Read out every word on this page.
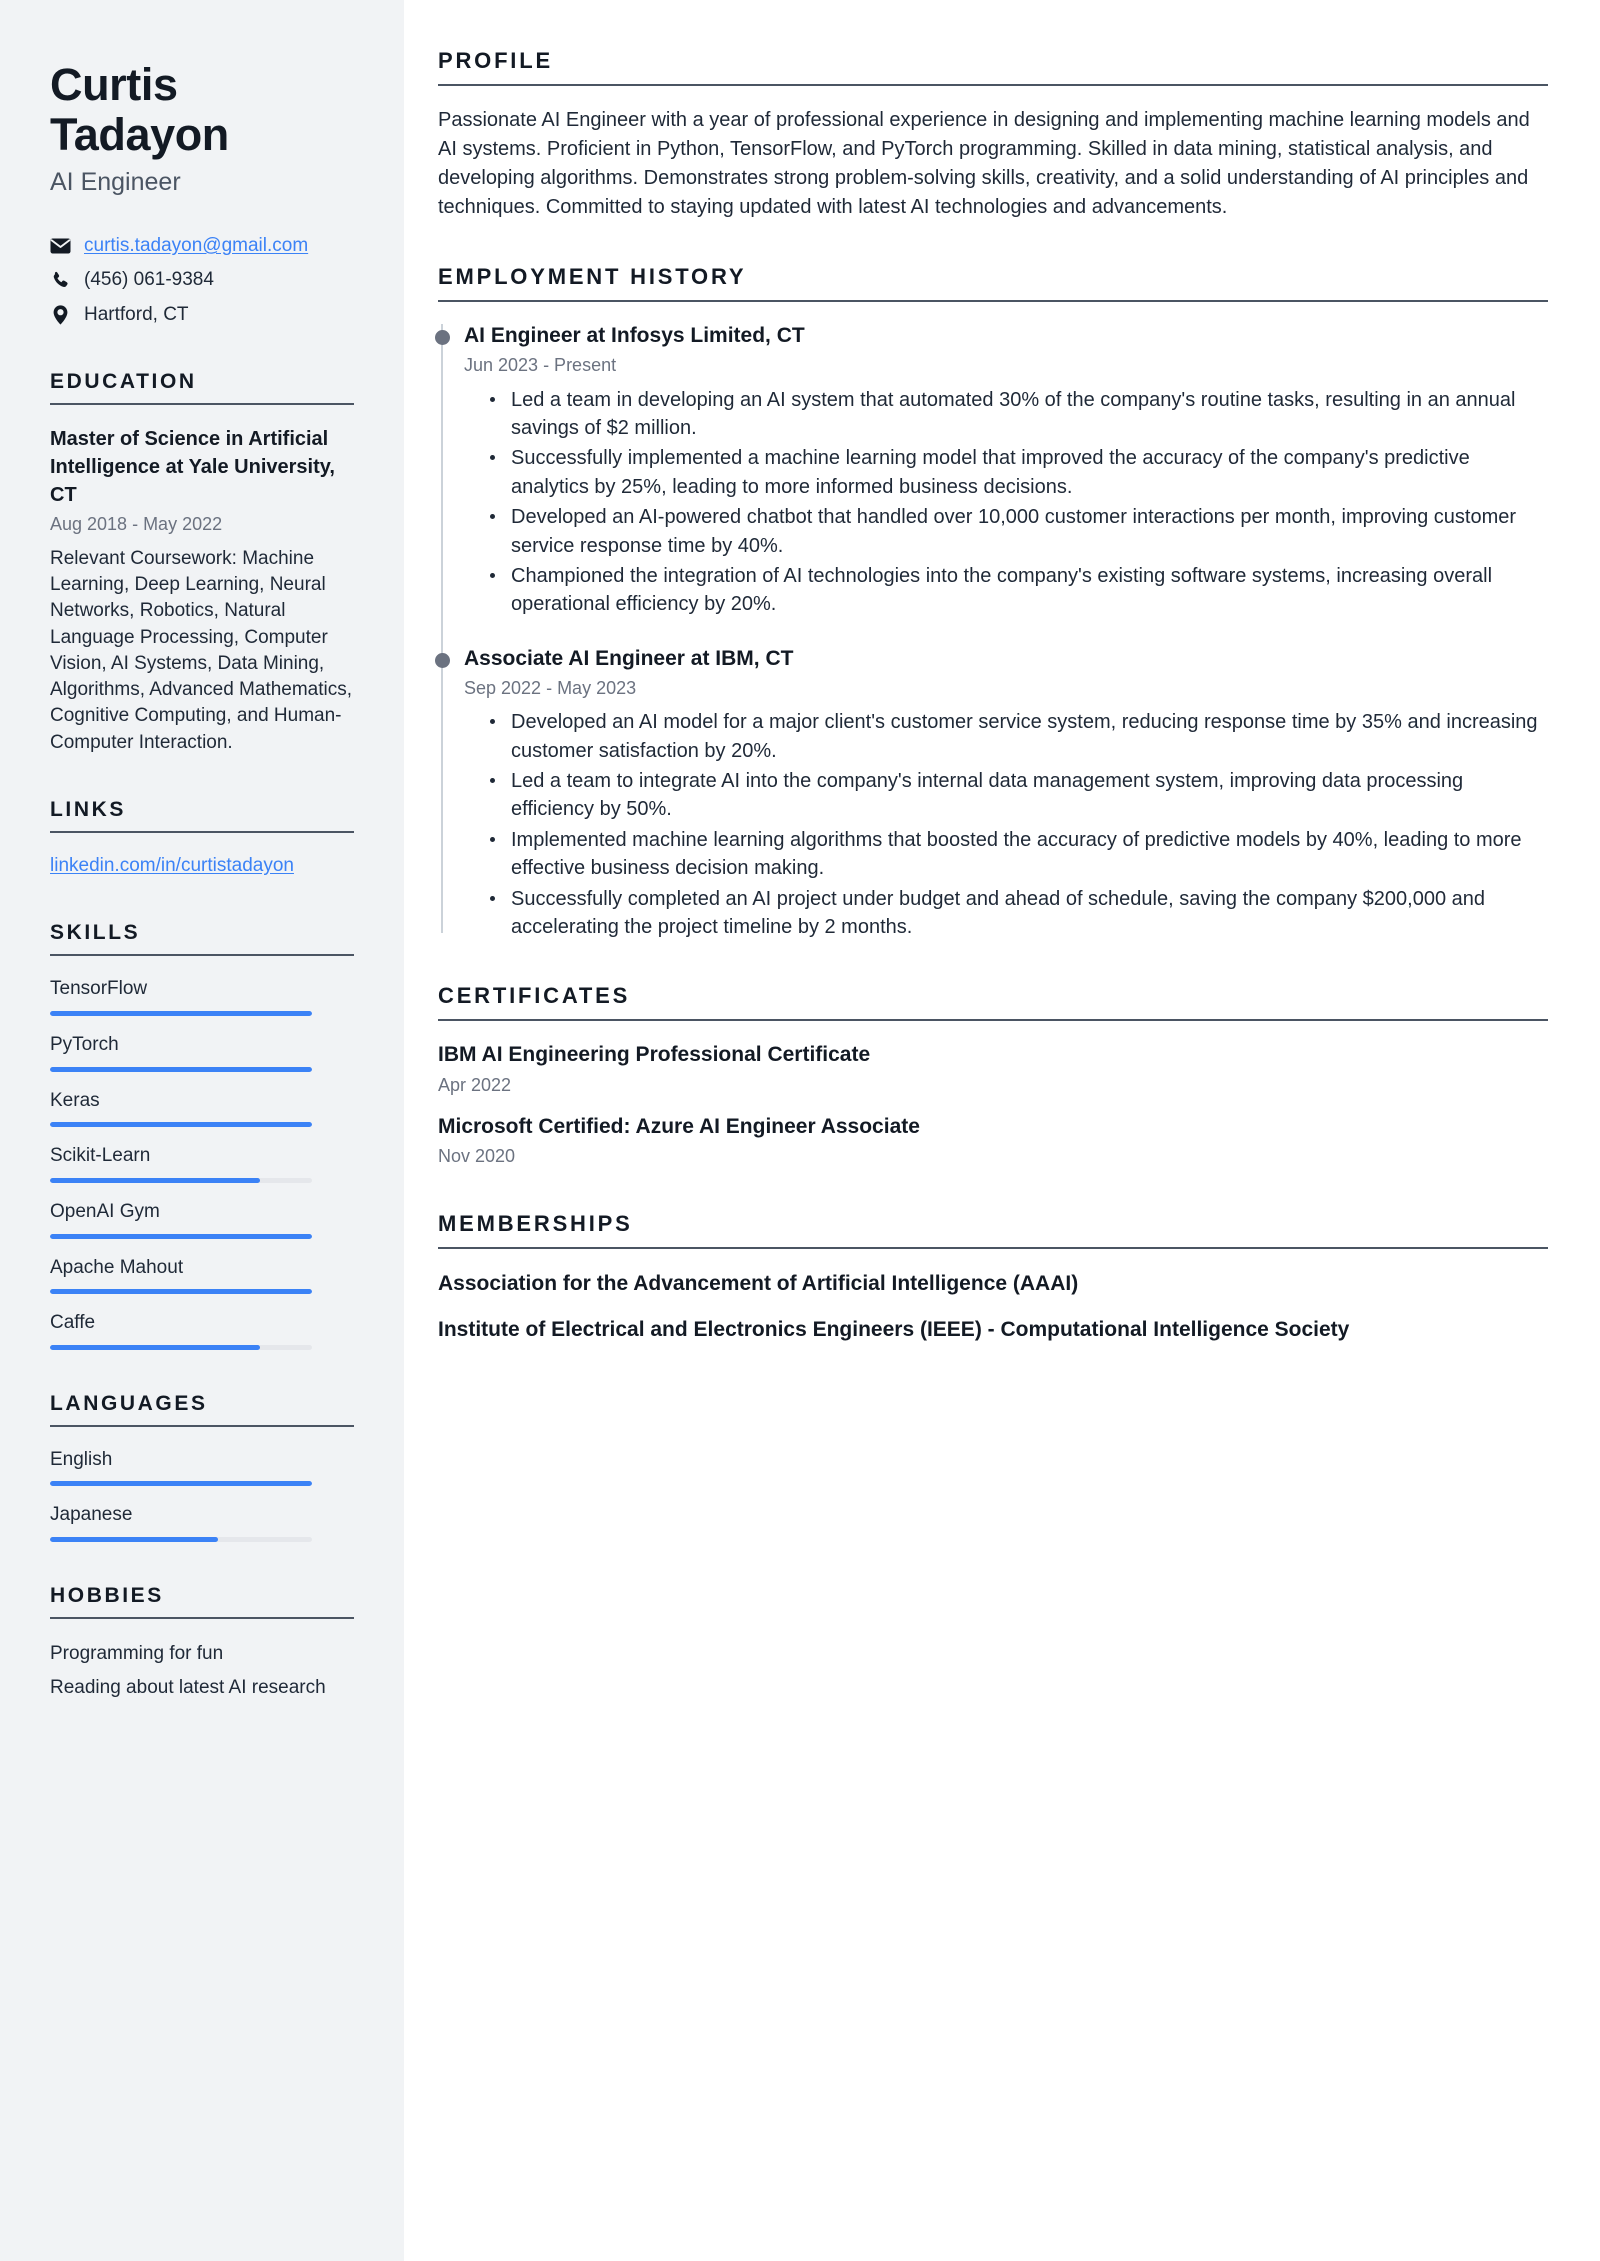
Curtis Tadayon
AI Engineer
curtis.tadayon@gmail.com
(456) 061-9384
Hartford, CT
EDUCATION
Master of Science in Artificial Intelligence at Yale University, CT
Aug 2018 - May 2022
Relevant Coursework: Machine Learning, Deep Learning, Neural Networks, Robotics, Natural Language Processing, Computer Vision, AI Systems, Data Mining, Algorithms, Advanced Mathematics, Cognitive Computing, and Human-Computer Interaction.
LINKS
linkedin.com/in/curtistadayon
SKILLS
TensorFlow
PyTorch
Keras
Scikit-Learn
OpenAI Gym
Apache Mahout
Caffe
LANGUAGES
English
Japanese
HOBBIES
Programming for fun
Reading about latest AI research
PROFILE

Passionate AI Engineer with a year of professional experience in designing and implementing machine learning models and AI systems. Proficient in Python, TensorFlow, and PyTorch programming. Skilled in data mining, statistical analysis, and developing algorithms. Demonstrates strong problem-solving skills, creativity, and a solid understanding of AI principles and techniques. Committed to staying updated with latest AI technologies and advancements.

EMPLOYMENT HISTORY
AI Engineer at Infosys Limited, CT
Jun 2023 - Present
Led a team in developing an AI system that automated 30% of the company's routine tasks, resulting in an annual savings of $2 million.
Successfully implemented a machine learning model that improved the accuracy of the company's predictive analytics by 25%, leading to more informed business decisions.
Developed an AI-powered chatbot that handled over 10,000 customer interactions per month, improving customer service response time by 40%.
Championed the integration of AI technologies into the company's existing software systems, increasing overall operational efficiency by 20%.
Associate AI Engineer at IBM, CT
Sep 2022 - May 2023
Developed an AI model for a major client's customer service system, reducing response time by 35% and increasing customer satisfaction by 20%.
Led a team to integrate AI into the company's internal data management system, improving data processing efficiency by 50%.
Implemented machine learning algorithms that boosted the accuracy of predictive models by 40%, leading to more effective business decision making.
Successfully completed an AI project under budget and ahead of schedule, saving the company $200,000 and accelerating the project timeline by 2 months.
CERTIFICATES
IBM AI Engineering Professional Certificate
Apr 2022
Microsoft Certified: Azure AI Engineer Associate
Nov 2020
MEMBERSHIPS
Association for the Advancement of Artificial Intelligence (AAAI)
Institute of Electrical and Electronics Engineers (IEEE) - Computational Intelligence Society
